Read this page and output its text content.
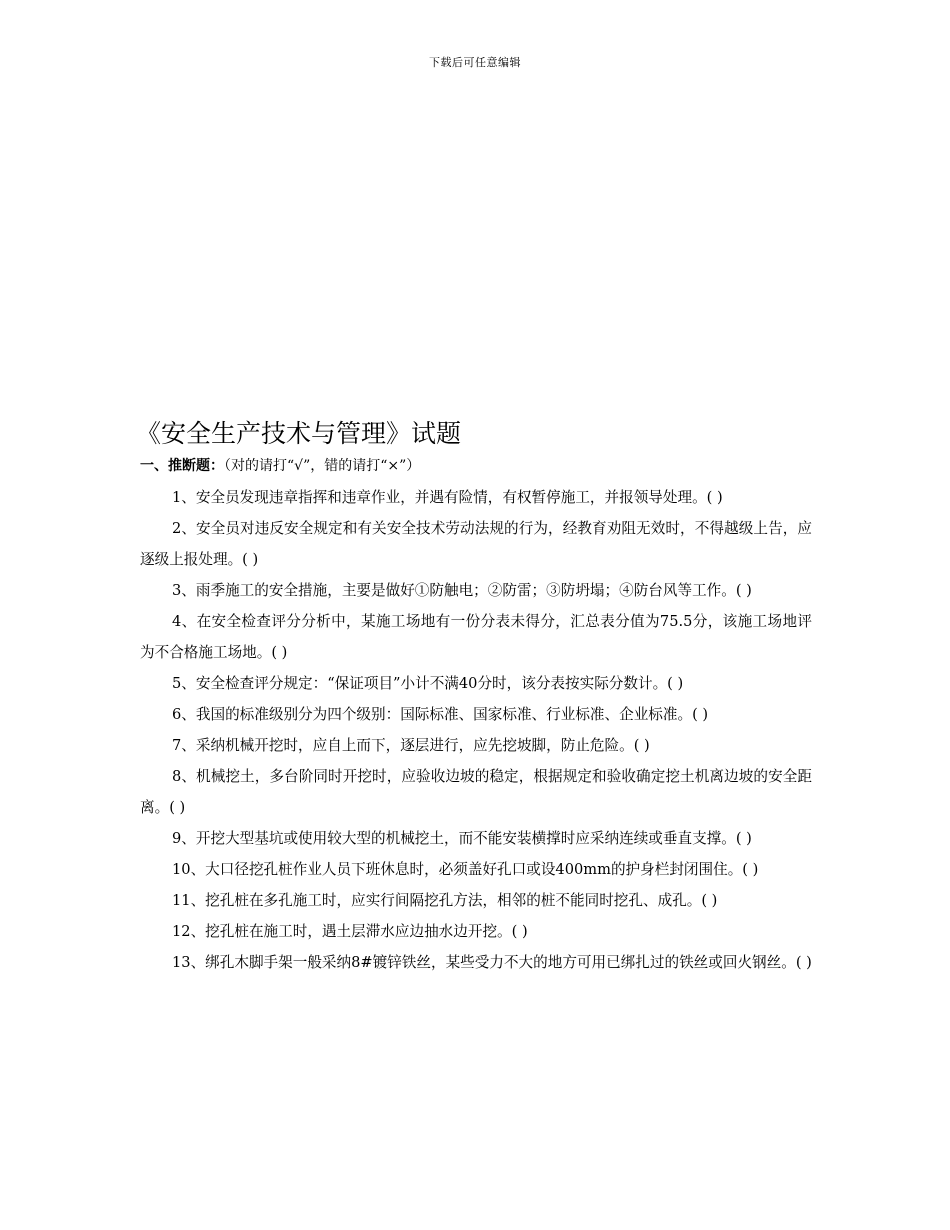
下载后可任意编辑
《安全生产技术与管理》试题
一、推断题：（对的请打“√”，错的请打“×”）

1、安全员发现违章指挥和违章作业，并遇有险情，有权暂停施工，并报领导处理。( )

2、安全员对违反安全规定和有关安全技术劳动法规的行为，经教育劝阻无效时，不得越级上告，应逐级上报处理。( )

3、雨季施工的安全措施，主要是做好①防触电；②防雷；③防坍塌；④防台风等工作。( )

4、在安全检查评分分析中，某施工场地有一份分表未得分，汇总表分值为75.5分，该施工场地评为不合格施工场地。( )

5、安全检查评分规定：“保证项目”小计不满40分时，该分表按实际分数计。( )

6、我国的标准级别分为四个级别：国际标准、国家标准、行业标准、企业标准。( )

7、采纳机械开挖时，应自上而下，逐层进行，应先挖坡脚，防止危险。( )

8、机械挖土，多台阶同时开挖时，应验收边坡的稳定，根据规定和验收确定挖土机离边坡的安全距离。( )

9、开挖大型基坑或使用较大型的机械挖土，而不能安装横撑时应采纳连续或垂直支撑。( )

10、大口径挖孔桩作业人员下班休息时，必须盖好孔口或设400mm的护身栏封闭围住。( )

11、挖孔桩在多孔施工时，应实行间隔挖孔方法，相邻的桩不能同时挖孔、成孔。( )

12、挖孔桩在施工时，遇土层滞水应边抽水边开挖。( )

13、绑孔木脚手架一般采纳8#镀锌铁丝，某些受力不大的地方可用已绑扎过的铁丝或回火钢丝。( )
